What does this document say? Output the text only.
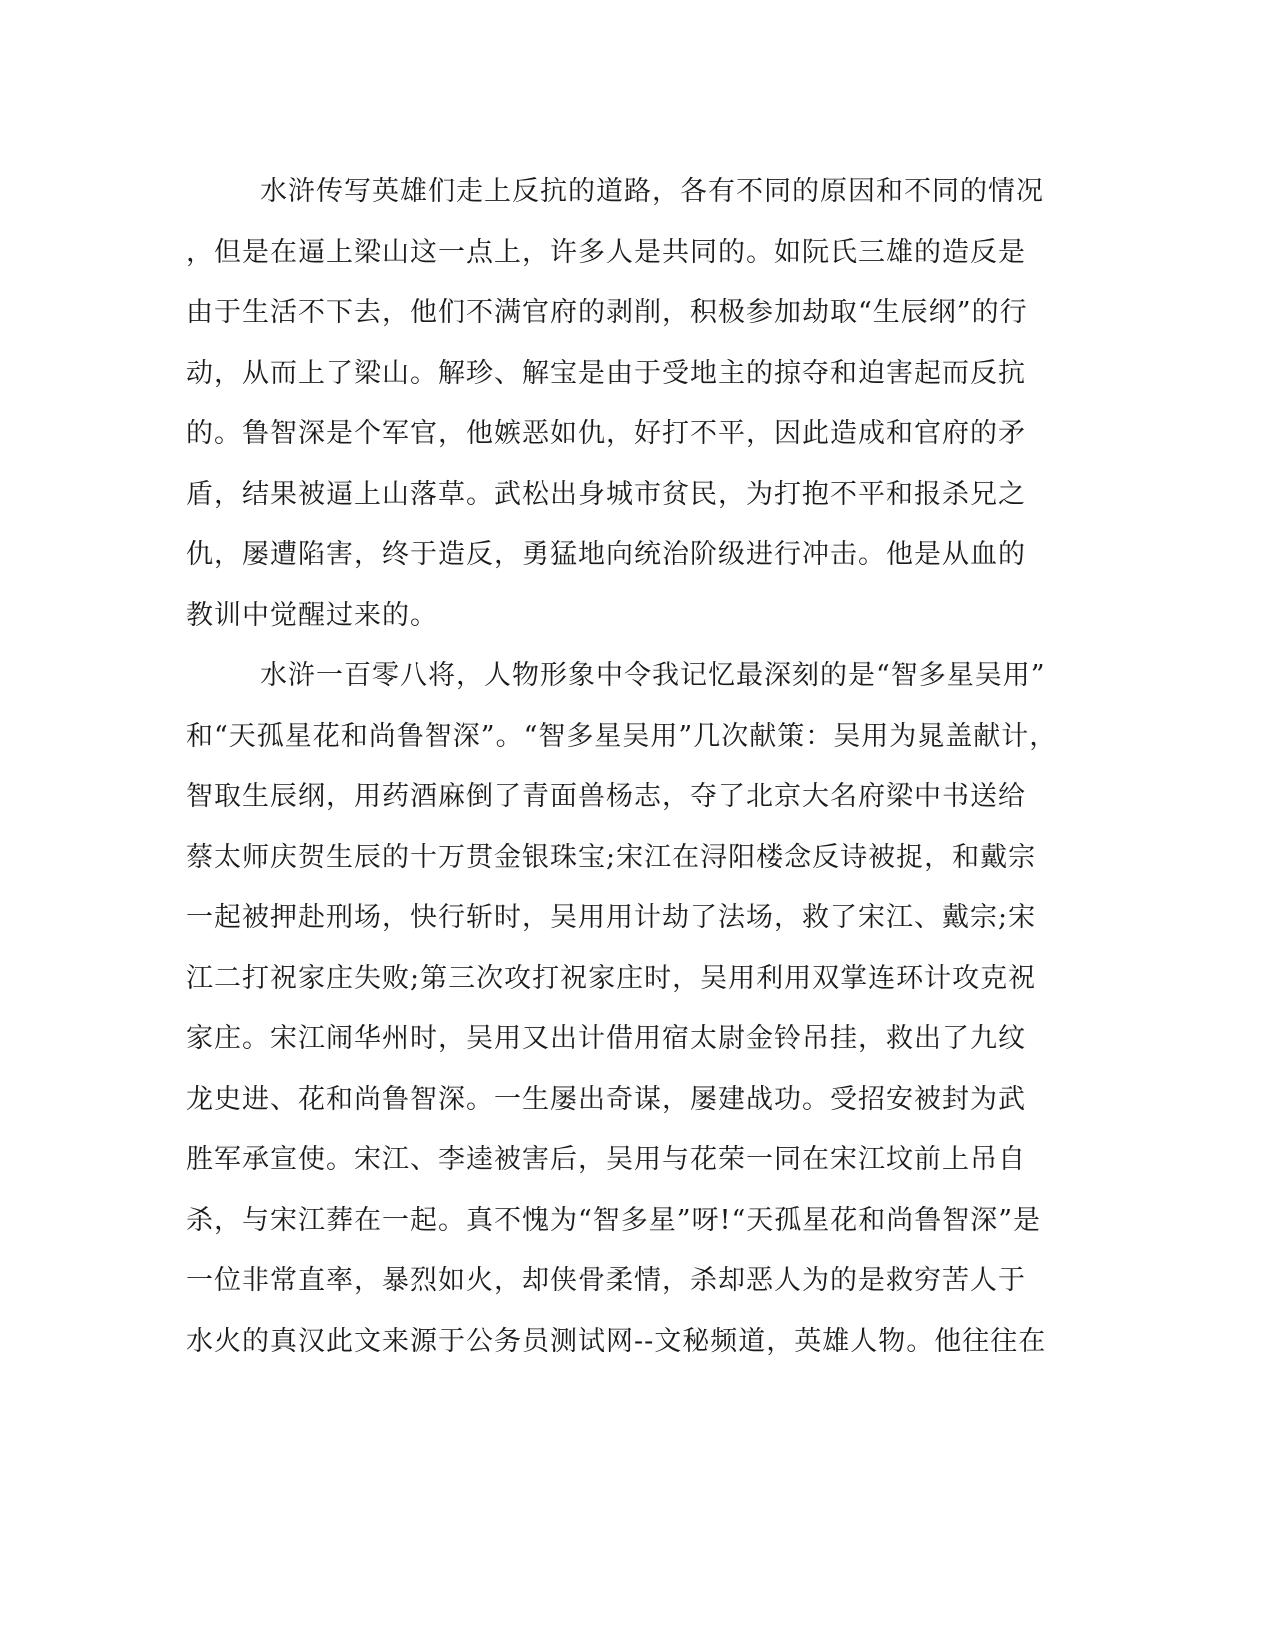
水浒传写英雄们走上反抗的道路，各有不同的原因和不同的情况
，但是在逼上梁山这一点上，许多人是共同的。如阮氏三雄的造反是
由于生活不下去，他们不满官府的剥削，积极参加劫取“生辰纲”的行
动，从而上了梁山。解珍、解宝是由于受地主的掠夺和迫害起而反抗
的。鲁智深是个军官，他嫉恶如仇，好打不平，因此造成和官府的矛
盾，结果被逼上山落草。武松出身城市贫民，为打抱不平和报杀兄之
仇，屡遭陷害，终于造反，勇猛地向统治阶级进行冲击。他是从血的
教训中觉醒过来的。
水浒一百零八将，人物形象中令我记忆最深刻的是“智多星吴用”
和“天孤星花和尚鲁智深”。“智多星吴用”几次献策：吴用为晁盖献计，
智取生辰纲，用药酒麻倒了青面兽杨志，夺了北京大名府梁中书送给
蔡太师庆贺生辰的十万贯金银珠宝;宋江在浔阳楼念反诗被捉，和戴宗
一起被押赴刑场，快行斩时，吴用用计劫了法场，救了宋江、戴宗;宋
江二打祝家庄失败;第三次攻打祝家庄时，吴用利用双掌连环计攻克祝
家庄。宋江闹华州时，吴用又出计借用宿太尉金铃吊挂，救出了九纹
龙史进、花和尚鲁智深。一生屡出奇谋，屡建战功。受招安被封为武
胜军承宣使。宋江、李逵被害后，吴用与花荣一同在宋江坟前上吊自
杀，与宋江葬在一起。真不愧为“智多星”呀!“天孤星花和尚鲁智深”是
一位非常直率，暴烈如火，却侠骨柔情，杀却恶人为的是救穷苦人于
水火的真汉此文来源于公务员测试网--文秘频道，英雄人物。他往往在
